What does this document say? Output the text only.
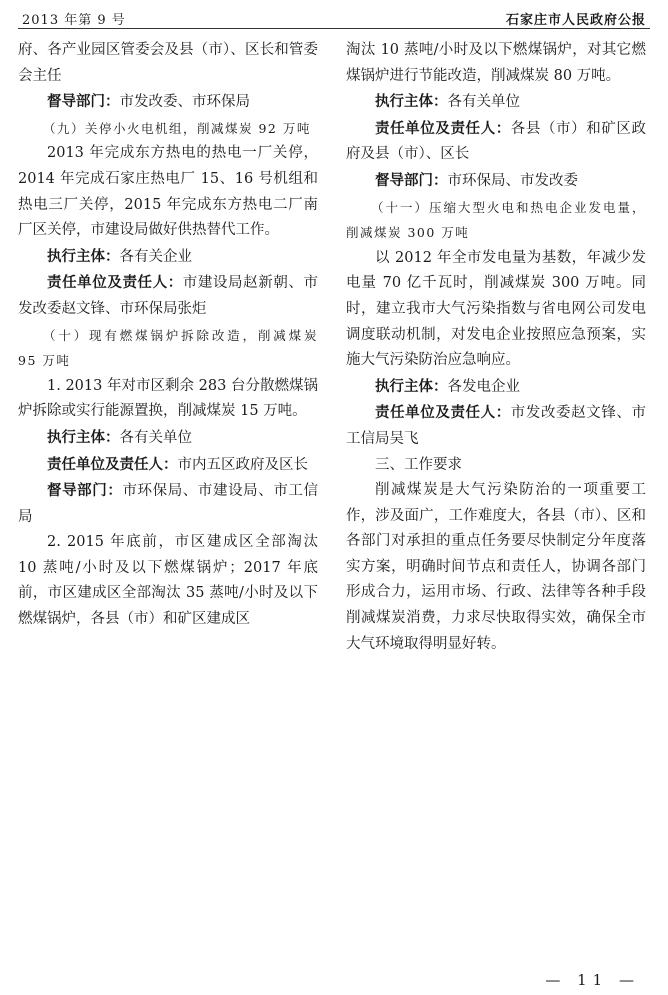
2013 年第 9 号	石家庄市人民政府公报

府、各产业园区管委会及县（市）、区长和管委会主任

督导部门：市发改委、市环保局

（九）关停小火电机组，削减煤炭 92 万吨

2013 年完成东方热电的热电一厂关停，2014 年完成石家庄热电厂 15、16 号机组和热电三厂关停，2015 年完成东方热电二厂南厂区关停，市建设局做好供热替代工作。

执行主体：各有关企业

责任单位及责任人：市建设局赵新朝、市发改委赵文锋、市环保局张炬

（十）现有燃煤锅炉拆除改造，削减煤炭 95 万吨

1. 2013 年对市区剩余 283 台分散燃煤锅炉拆除或实行能源置换，削减煤炭 15 万吨。

执行主体：各有关单位

责任单位及责任人：市内五区政府及区长

督导部门：市环保局、市建设局、市工信局

2. 2015 年底前，市区建成区全部淘汰 10 蒸吨/小时及以下燃煤锅炉；2017 年底前，市区建成区全部淘汰 35 蒸吨/小时及以下燃煤锅炉，各县（市）和矿区建成区

淘汰 10 蒸吨/小时及以下燃煤锅炉，对其它燃煤锅炉进行节能改造，削减煤炭 80 万吨。

执行主体：各有关单位

责任单位及责任人：各县（市）和矿区政府及县（市）、区长

督导部门：市环保局、市发改委

（十一）压缩大型火电和热电企业发电量，削减煤炭 300 万吨

以 2012 年全市发电量为基数，年减少发电量 70 亿千瓦时，削减煤炭 300 万吨。同时，建立我市大气污染指数与省电网公司发电调度联动机制，对发电企业按照应急预案，实施大气污染防治应急响应。

执行主体：各发电企业

责任单位及责任人：市发改委赵文锋、市工信局吴飞

三、工作要求

削减煤炭是大气污染防治的一项重要工作，涉及面广，工作难度大，各县（市）、区和各部门对承担的重点任务要尽快制定分年度落实方案，明确时间节点和责任人，协调各部门形成合力，运用市场、行政、法律等各种手段削减煤炭消费，力求尽快取得实效，确保全市大气环境取得明显好转。

— 11 —
